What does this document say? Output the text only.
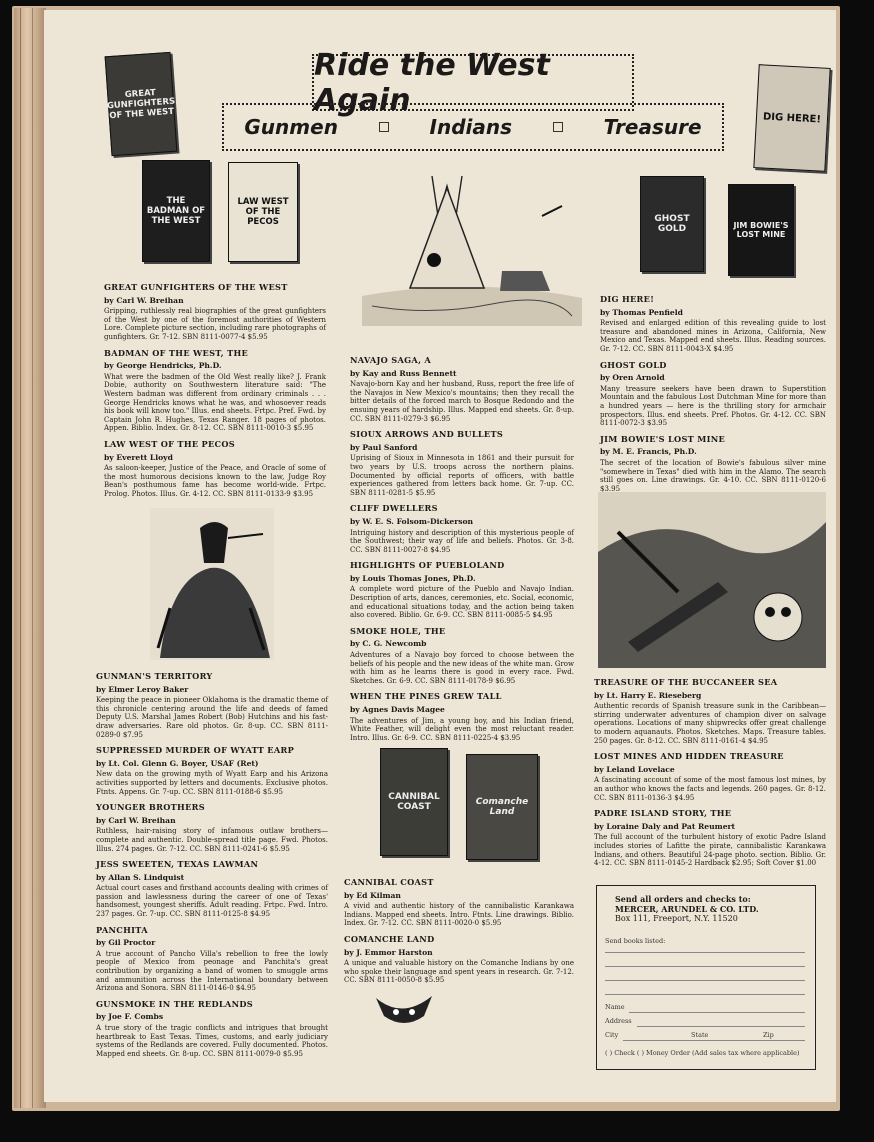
Ride the West Again
Gunmen	Indians	Treasure
GREAT GUNFIGHTERS OF THE WEST
THE BADMAN OF THE WEST
LAW WEST OF THE PECOS
DIG HERE!
GHOST GOLD	JIM BOWIE'S LOST MINE
CANNIBAL COAST	Comanche Land
GREAT GUNFIGHTERS OF THE WEST
by Carl W. Breihan
Gripping, ruthlessly real biographies of the great gunfighters of the West by one of the foremost authorities of Western Lore. Complete picture section, including rare photographs of gunfighters. Gr. 7-12. SBN 8111-0077-4 $5.95
BADMAN OF THE WEST, THE
by George Hendricks, Ph.D.
What were the badmen of the Old West really like? J. Frank Dobie, authority on Southwestern literature said: "The Western badman was different from ordinary criminals . . . George Hendricks knows what he was, and whosoever reads his book will know too." Illus. end sheets. Frtpc. Pref. Fwd. by Captain John R. Hughes, Texas Ranger. 18 pages of photos. Appen. Biblio. Index. Gr. 8-12. CC. SBN 8111-0010-3 $5.95
LAW WEST OF THE PECOS
by Everett Lloyd
As saloon-keeper, Justice of the Peace, and Oracle of some of the most humorous decisions known to the law, Judge Roy Bean's posthumous fame has become world-wide. Frtpc. Prolog. Photos. Illus. Gr. 4-12. CC. SBN 8111-0133-9 $3.95
GUNMAN'S TERRITORY
by Elmer Leroy Baker
Keeping the peace in pioneer Oklahoma is the dramatic theme of this chronicle centering around the life and deeds of famed Deputy U.S. Marshal James Robert (Bob) Hutchins and his fast-draw adversaries. Rare old photos. Gr. 8-up. CC. SBN 8111-0289-0 $7.95
SUPPRESSED MURDER OF WYATT EARP
by Lt. Col. Glenn G. Boyer, USAF (Ret)
New data on the growing myth of Wyatt Earp and his Arizona activities supported by letters and documents. Exclusive photos. Ftnts. Appens. Gr. 7-up. CC. SBN 8111-0188-6 $5.95
YOUNGER BROTHERS
by Carl W. Breihan
Ruthless, hair-raising story of infamous outlaw brothers—complete and authentic. Double-spread title page. Fwd. Photos. Illus. 274 pages. Gr. 7-12. CC. SBN 8111-0241-6 $5.95
JESS SWEETEN, TEXAS LAWMAN
by Allan S. Lindquist
Actual court cases and firsthand accounts dealing with crimes of passion and lawlessness during the career of one of Texas' handsomest, youngest sheriffs. Adult reading. Frtpc. Fwd. Intro. 237 pages. Gr. 7-up. CC. SBN 8111-0125-8 $4.95
PANCHITA
by Gil Proctor
A true account of Pancho Villa's rebellion to free the lowly people of Mexico from peonage and Panchita's great contribution by organizing a band of women to smuggle arms and ammunition across the International boundary between Arizona and Sonora. SBN 8111-0146-0 $4.95
GUNSMOKE IN THE REDLANDS
by Joe F. Combs
A true story of the tragic conflicts and intrigues that brought heartbreak to East Texas. Times, customs, and early judiciary systems of the Redlands are covered. Fully documented. Photos. Mapped end sheets. Gr. 8-up. CC. SBN 8111-0079-0 $5.95
NAVAJO SAGA, A
by Kay and Russ Bennett
Navajo-born Kay and her husband, Russ, report the free life of the Navajos in New Mexico's mountains; then they recall the bitter details of the forced march to Bosque Redondo and the ensuing years of hardship. Illus. Mapped end sheets. Gr. 8-up. CC. SBN 8111-0279-3 $6.95
SIOUX ARROWS AND BULLETS
by Paul Sanford
Uprising of Sioux in Minnesota in 1861 and their pursuit for two years by U.S. troops across the northern plains. Documented by official reports of officers, with battle experiences gathered from letters back home. Gr. 7-up. CC. SBN 8111-0281-5 $5.95
CLIFF DWELLERS
by W. E. S. Folsom-Dickerson
Intriguing history and description of this mysterious people of the Southwest; their way of life and beliefs. Photos. Gr. 3-8. CC. SBN 8111-0027-8 $4.95
HIGHLIGHTS OF PUEBLOLAND
by Louis Thomas Jones, Ph.D.
A complete word picture of the Pueblo and Navajo Indian. Description of arts, dances, ceremonies, etc. Social, economic, and educational situations today, and the action being taken also covered. Biblio. Gr. 6-9. CC. SBN 8111-0085-5 $4.95
SMOKE HOLE, THE
by C. G. Newcomb
Adventures of a Navajo boy forced to choose between the beliefs of his people and the new ideas of the white man. Grow with him as he learns there is good in every race. Fwd. Sketches. Gr. 6-9. CC. SBN 8111-0178-9 $6.95
WHEN THE PINES GREW TALL
by Agnes Davis Magee
The adventures of Jim, a young boy, and his Indian friend, White Feather, will delight even the most reluctant reader. Intro. Illus. Gr. 6-9. CC. SBN 8111-0225-4 $3.95
CANNIBAL COAST
by Ed Kilman
A vivid and authentic history of the cannibalistic Karankawa Indians. Mapped end sheets. Intro. Ftnts. Line drawings. Biblio. Index. Gr. 7-12. CC. SBN 8111-0020-0 $5.95
COMANCHE LAND
by J. Emmor Harston
A unique and valuable history on the Comanche Indians by one who spoke their language and spent years in research. Gr. 7-12. CC. SBN 8111-0050-8 $5.95
DIG HERE!
by Thomas Penfield
Revised and enlarged edition of this revealing guide to lost treasure and abandoned mines in Arizona, California, New Mexico and Texas. Mapped end sheets. Illus. Reading sources. Gr. 7-12. CC. SBN 8111-0043-X $4.95
GHOST GOLD
by Oren Arnold
Many treasure seekers have been drawn to Superstition Mountain and the fabulous Lost Dutchman Mine for more than a hundred years — here is the thrilling story for armchair prospectors. Illus. end sheets. Pref. Photos. Gr. 4-12. CC. SBN 8111-0072-3 $3.95
JIM BOWIE'S LOST MINE
by M. E. Francis, Ph.D.
The secret of the location of Bowie's fabulous silver mine "somewhere in Texas" died with him in the Alamo. The search still goes on. Line drawings. Gr. 4-10. CC. SBN 8111-0120-6 $3.95
TREASURE OF THE BUCCANEER SEA
by Lt. Harry E. Rieseberg
Authentic records of Spanish treasure sunk in the Caribbean—stirring underwater adventures of champion diver on salvage operations. Locations of many shipwrecks offer great challenge to modern aquanauts. Photos. Sketches. Maps. Treasure tables. 250 pages. Gr. 8-12. CC. SBN 8111-0161-4 $4.95
LOST MINES AND HIDDEN TREASURE
by Leland Lovelace
A fascinating account of some of the most famous lost mines, by an author who knows the facts and legends. 260 pages. Gr. 8-12. CC. SBN 8111-0136-3 $4.95
PADRE ISLAND STORY, THE
by Loraine Daly and Pat Reumert
The full account of the turbulent history of exotic Padre Island includes stories of Lafitte the pirate, cannibalistic Karankawa Indians, and others. Beautiful 24-page photo. section. Biblio. Gr. 4-12. CC. SBN 8111-0145-2 Hardback $2.95; Soft Cover $1.00
Send all orders and checks to:
MERCER, ARUNDEL & CO. LTD.
Box 111, Freeport, N.Y. 11520
Send books listed:
Name
Address
City	State	Zip
( ) Check ( ) Money Order (Add sales tax where applicable)
